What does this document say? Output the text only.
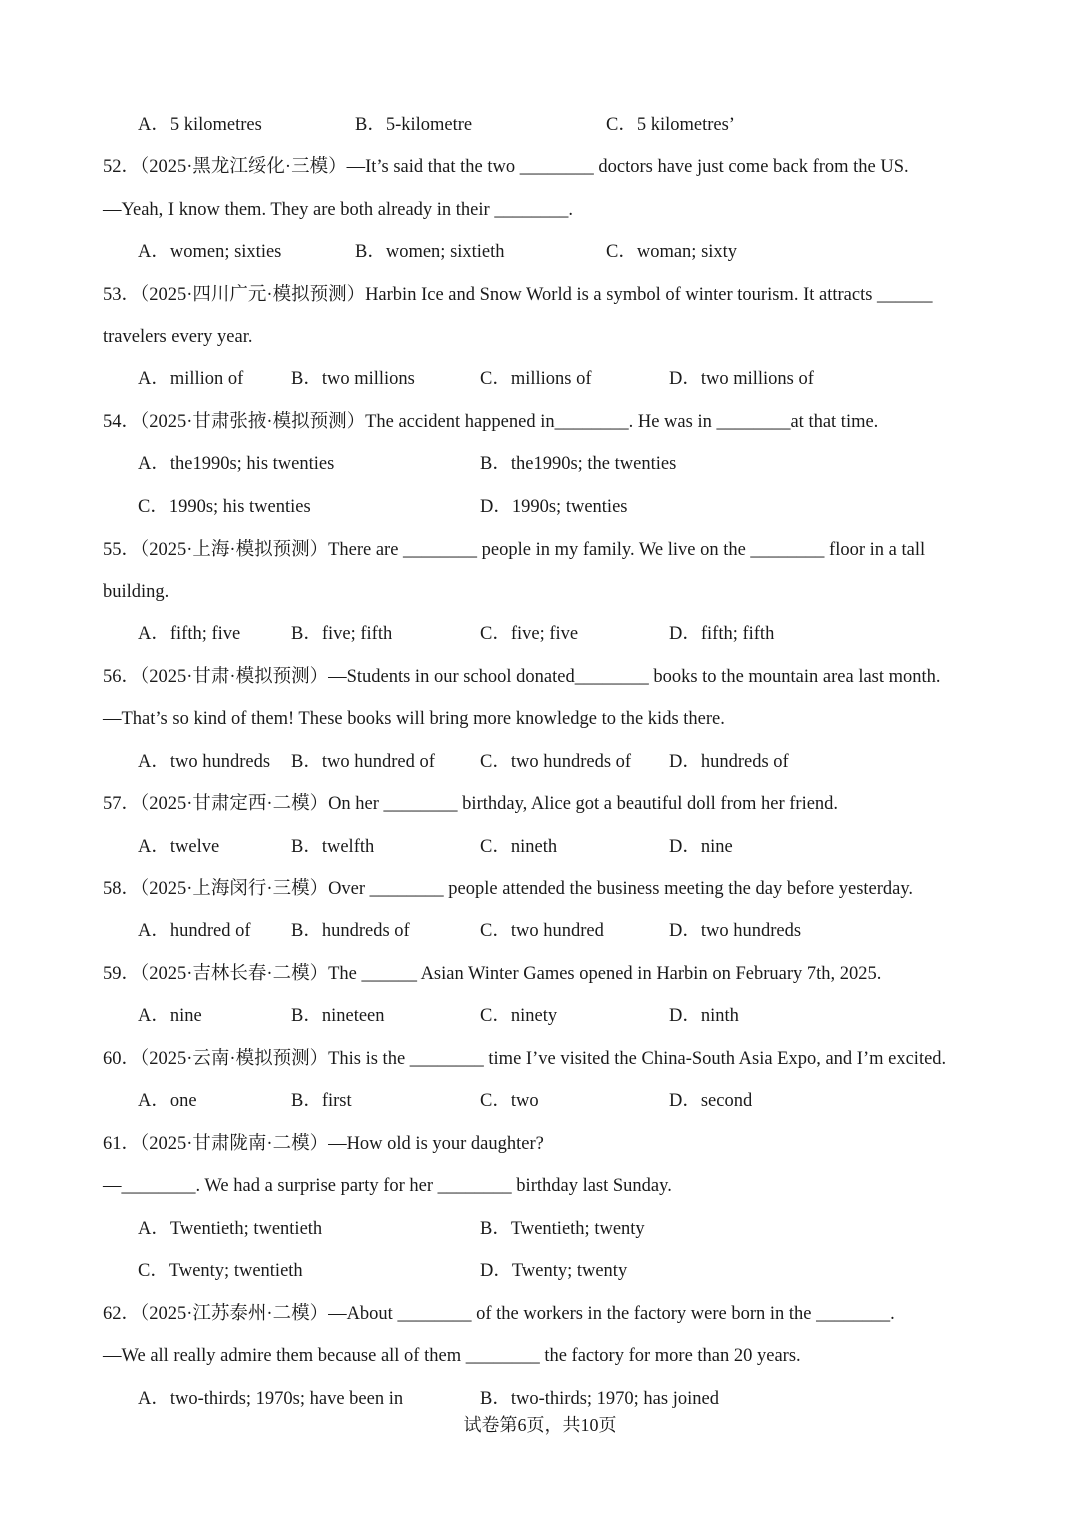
A．5 kilometres	B．5-kilometre	C．5 kilometres’
52．（2025·黑龙江绥化·三模）—It’s said that the two ________ doctors have just come back from the US.
—Yeah, I know them. They are both already in their ________.
A．women; sixties	B．women; sixtieth	C．woman; sixty
53．（2025·四川广元·模拟预测）Harbin Ice and Snow World is a symbol of winter tourism. It attracts ______
travelers every year.
A．million of	B．two millions	C．millions of	D．two millions of
54．（2025·甘肃张掖·模拟预测）The accident happened in________. He was in ________at that time.
A．the1990s; his twenties	B．the1990s; the twenties
C．1990s; his twenties	D．1990s; twenties
55．（2025·上海·模拟预测）There are ________ people in my family. We live on the ________ floor in a tall
building.
A．fifth; five	B．five; fifth	C．five; five	D．fifth; fifth
56．（2025·甘肃·模拟预测）—Students in our school donated________ books to the mountain area last month.
—That’s so kind of them! These books will bring more knowledge to the kids there.
A．two hundreds B．two hundred of C．two hundreds of D．hundreds of
57．（2025·甘肃定西·二模）On her ________ birthday, Alice got a beautiful doll from her friend.
A．twelve	B．twelfth	C．nineth	D．nine
58．（2025·上海闵行·三模）Over ________ people attended the business meeting the day before yesterday.
A．hundred of B．hundreds of	C．two hundred	D．two hundreds
59．（2025·吉林长春·二模）The ______ Asian Winter Games opened in Harbin on February 7th, 2025.
A．nine	B．nineteen	C．ninety	D．ninth
60．（2025·云南·模拟预测）This is the ________ time I’ve visited the China-South Asia Expo, and I’m excited.
A．one	B．first	C．two	D．second
61．（2025·甘肃陇南·二模）—How old is your daughter?
—________. We had a surprise party for her ________ birthday last Sunday.
A．Twentieth; twentieth	B．Twentieth; twenty
C．Twenty; twentieth	D．Twenty; twenty
62．（2025·江苏泰州·二模）—About ________ of the workers in the factory were born in the ________.
—We all really admire them because all of them ________ the factory for more than 20 years.
A．two-thirds; 1970s; have been in	B．two-thirds; 1970; has joined
试卷第6页，共10页
